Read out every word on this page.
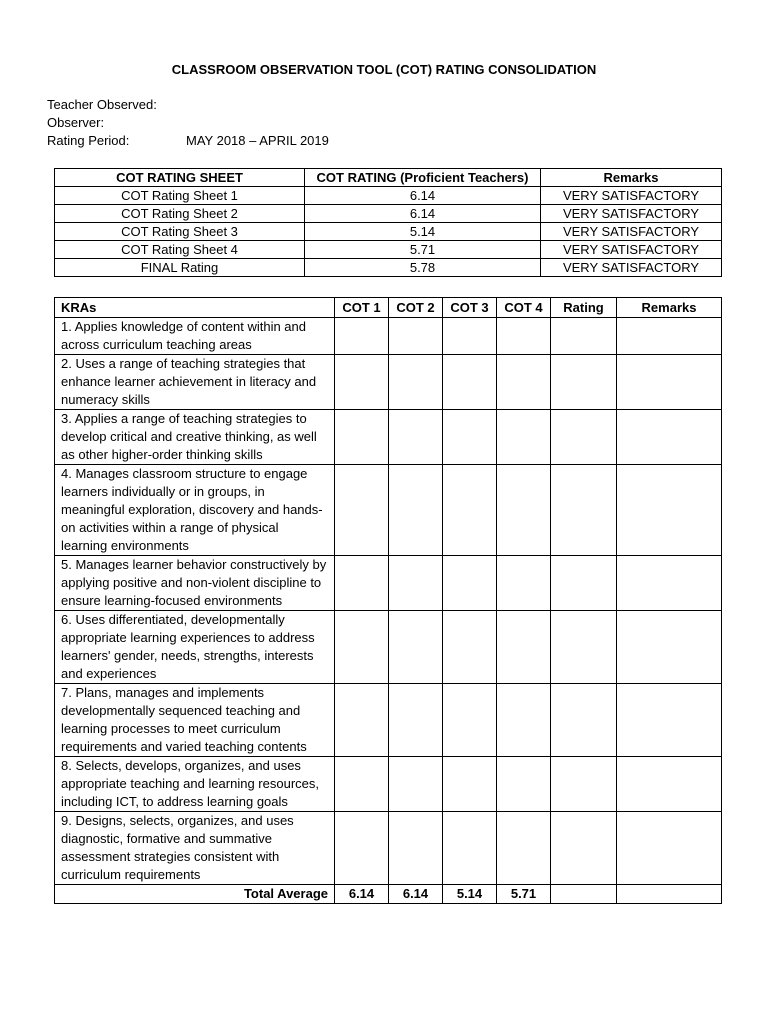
CLASSROOM OBSERVATION TOOL (COT) RATING CONSOLIDATION
Teacher Observed:
Observer:
Rating Period:	MAY 2018 – APRIL 2019
COT RATING SHEET	COT RATING (Proficient Teachers)	Remarks
COT Rating Sheet 1	6.14	VERY SATISFACTORY
COT Rating Sheet 2	6.14	VERY SATISFACTORY
COT Rating Sheet 3	5.14	VERY SATISFACTORY
COT Rating Sheet 4	5.71	VERY SATISFACTORY
FINAL Rating	5.78	VERY SATISFACTORY
KRAs	COT 1	COT 2	COT 3	COT 4	Rating	Remarks
1. Applies knowledge of content within and across curriculum teaching areas						
2. Uses a range of teaching strategies that enhance learner achievement in literacy and numeracy skills						
3. Applies a range of teaching strategies to develop critical and creative thinking, as well as other higher-order thinking skills						
4. Manages classroom structure to engage learners individually or in groups, in meaningful exploration, discovery and hands-on activities within a range of physical learning environments						
5. Manages learner behavior constructively by applying positive and non-violent discipline to ensure learning-focused environments						
6. Uses differentiated, developmentally appropriate learning experiences to address learners' gender, needs, strengths, interests and experiences						
7. Plans, manages and implements developmentally sequenced teaching and learning processes to meet curriculum requirements and varied teaching contents						
8. Selects, develops, organizes, and uses appropriate teaching and learning resources, including ICT, to address learning goals						
9. Designs, selects, organizes, and uses diagnostic, formative and summative assessment strategies consistent with curriculum requirements						
Total Average	6.14	6.14	5.14	5.71		
